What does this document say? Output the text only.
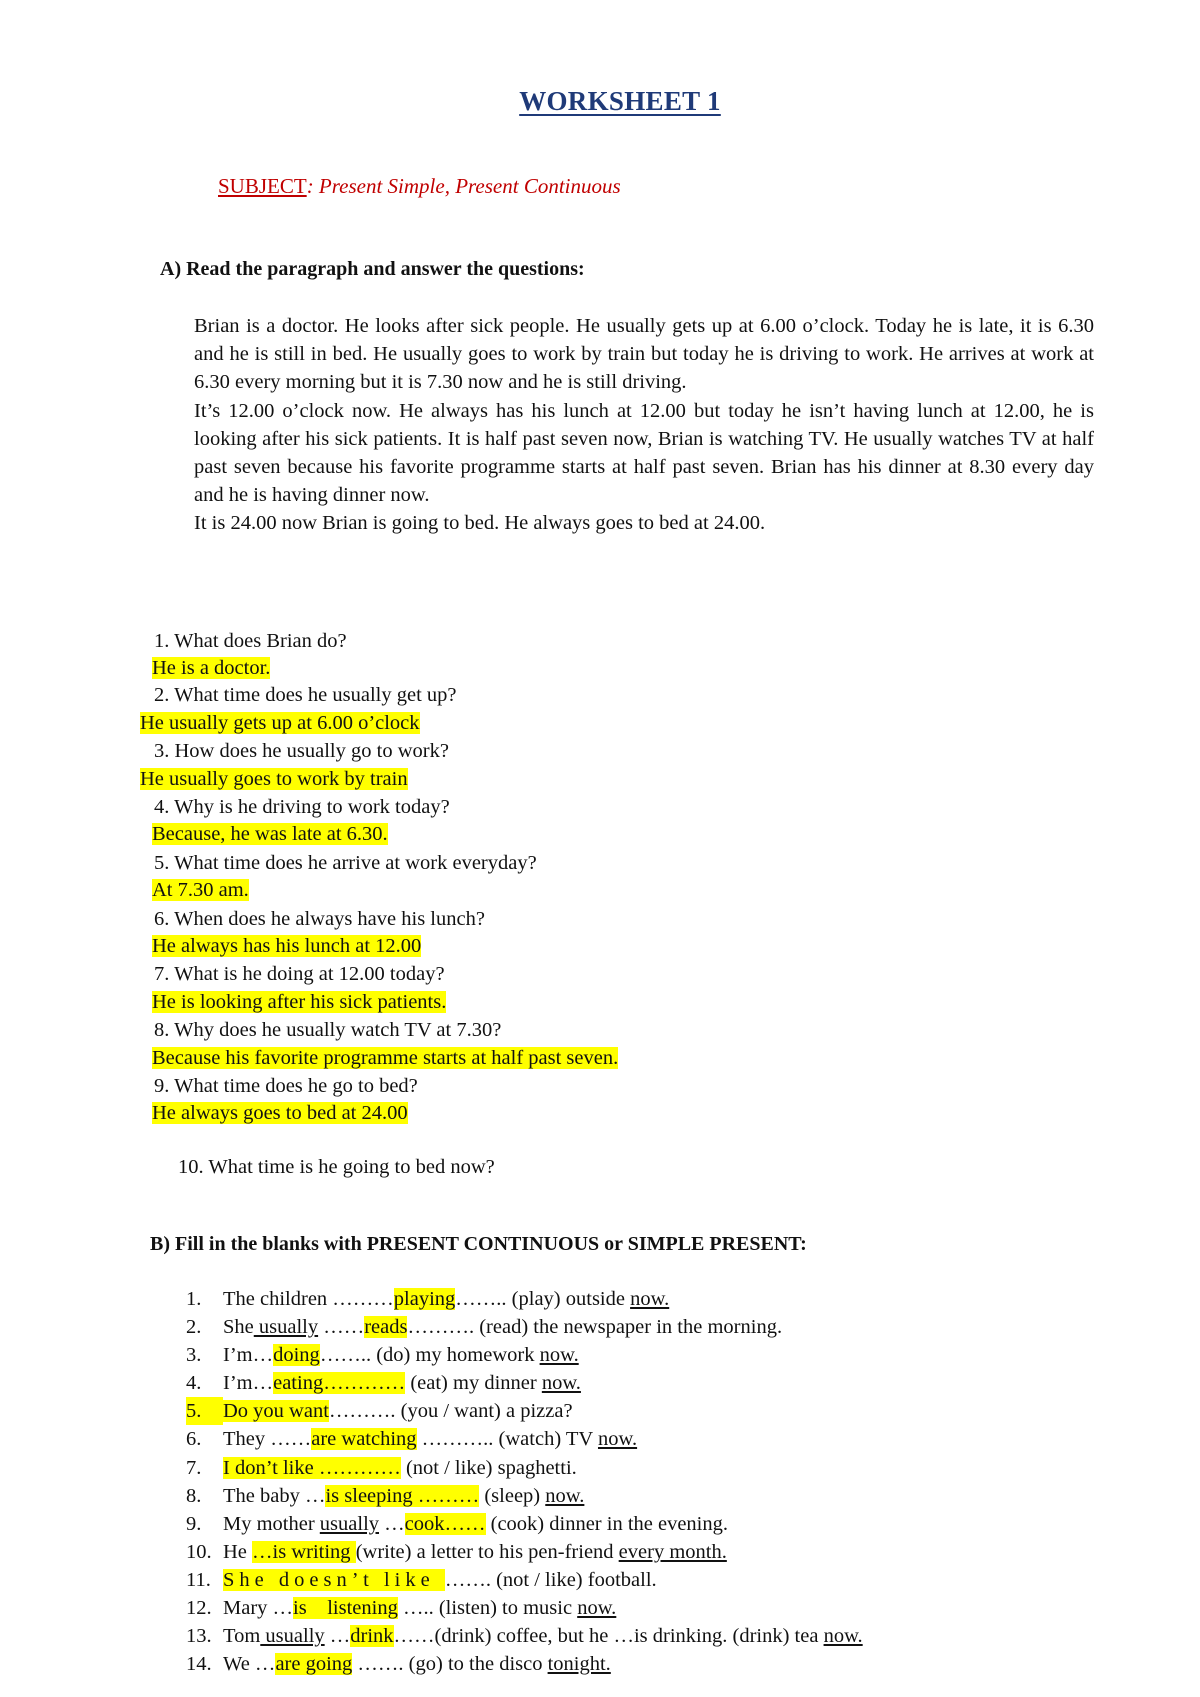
WORKSHEET 1
SUBJECT: Present Simple, Present Continuous
A) Read the paragraph and answer the questions:

Brian is a doctor. He looks after sick people. He usually gets up at 6.00 o’clock. Today he is late, it is 6.30 and he is still in bed. He usually goes to work by train but today he is driving to work. He arrives at work at 6.30 every morning but it is 7.30 now and he is still driving.

It’s 12.00 o’clock now. He always has his lunch at 12.00 but today he isn’t having lunch at 12.00, he is looking after his sick patients. It is half past seven now, Brian is watching TV. He usually watches TV at half past seven because his favorite programme starts at half past seven. Brian has his dinner at 8.30 every day and he is having dinner now.

It is 24.00 now Brian is going to bed. He always goes to bed at 24.00.

1. What does Brian do?
He is a doctor.
2. What time does he usually get up?
He usually gets up at 6.00 o’clock
3. How does he usually go to work?
He usually goes to work by train
4. Why is he driving to work today?
Because, he was late at 6.30.
5. What time does he arrive at work everyday?
At 7.30 am.
6. When does he always have his lunch?
He always has his lunch at 12.00
7. What is he doing at 12.00 today?
He is looking after his sick patients.
8. Why does he usually watch TV at 7.30?
Because his favorite programme starts at half past seven.
9. What time does he go to bed?
He always goes to bed at 24.00
10. What time is he going to bed now?
B) Fill in the blanks with PRESENT CONTINUOUS or SIMPLE PRESENT:
1. The children ………playing…….. (play) outside now.
2. She usually ……reads………. (read) the newspaper in the morning.
3. I’m…doing…….. (do) my homework now.
4. I’m…eating………… (eat) my dinner now.
5. Do you want………. (you / want) a pizza?
6. They ……are watching ……….. (watch) TV now.
7. I don’t like ………… (not / like) spaghetti.
8. The baby …is sleeping ……… (sleep) now.
9. My mother usually …cook…… (cook) dinner in the evening.
10. He …is writing (write) a letter to his pen-friend every month.
11. She doesn’t like ……. (not / like) football.
12. Mary …is    listening ….. (listen) to music now.
13. Tom usually …drink……(drink) coffee, but he …is drinking. (drink) tea now.
14. We …are going ……. (go) to the disco tonight.
